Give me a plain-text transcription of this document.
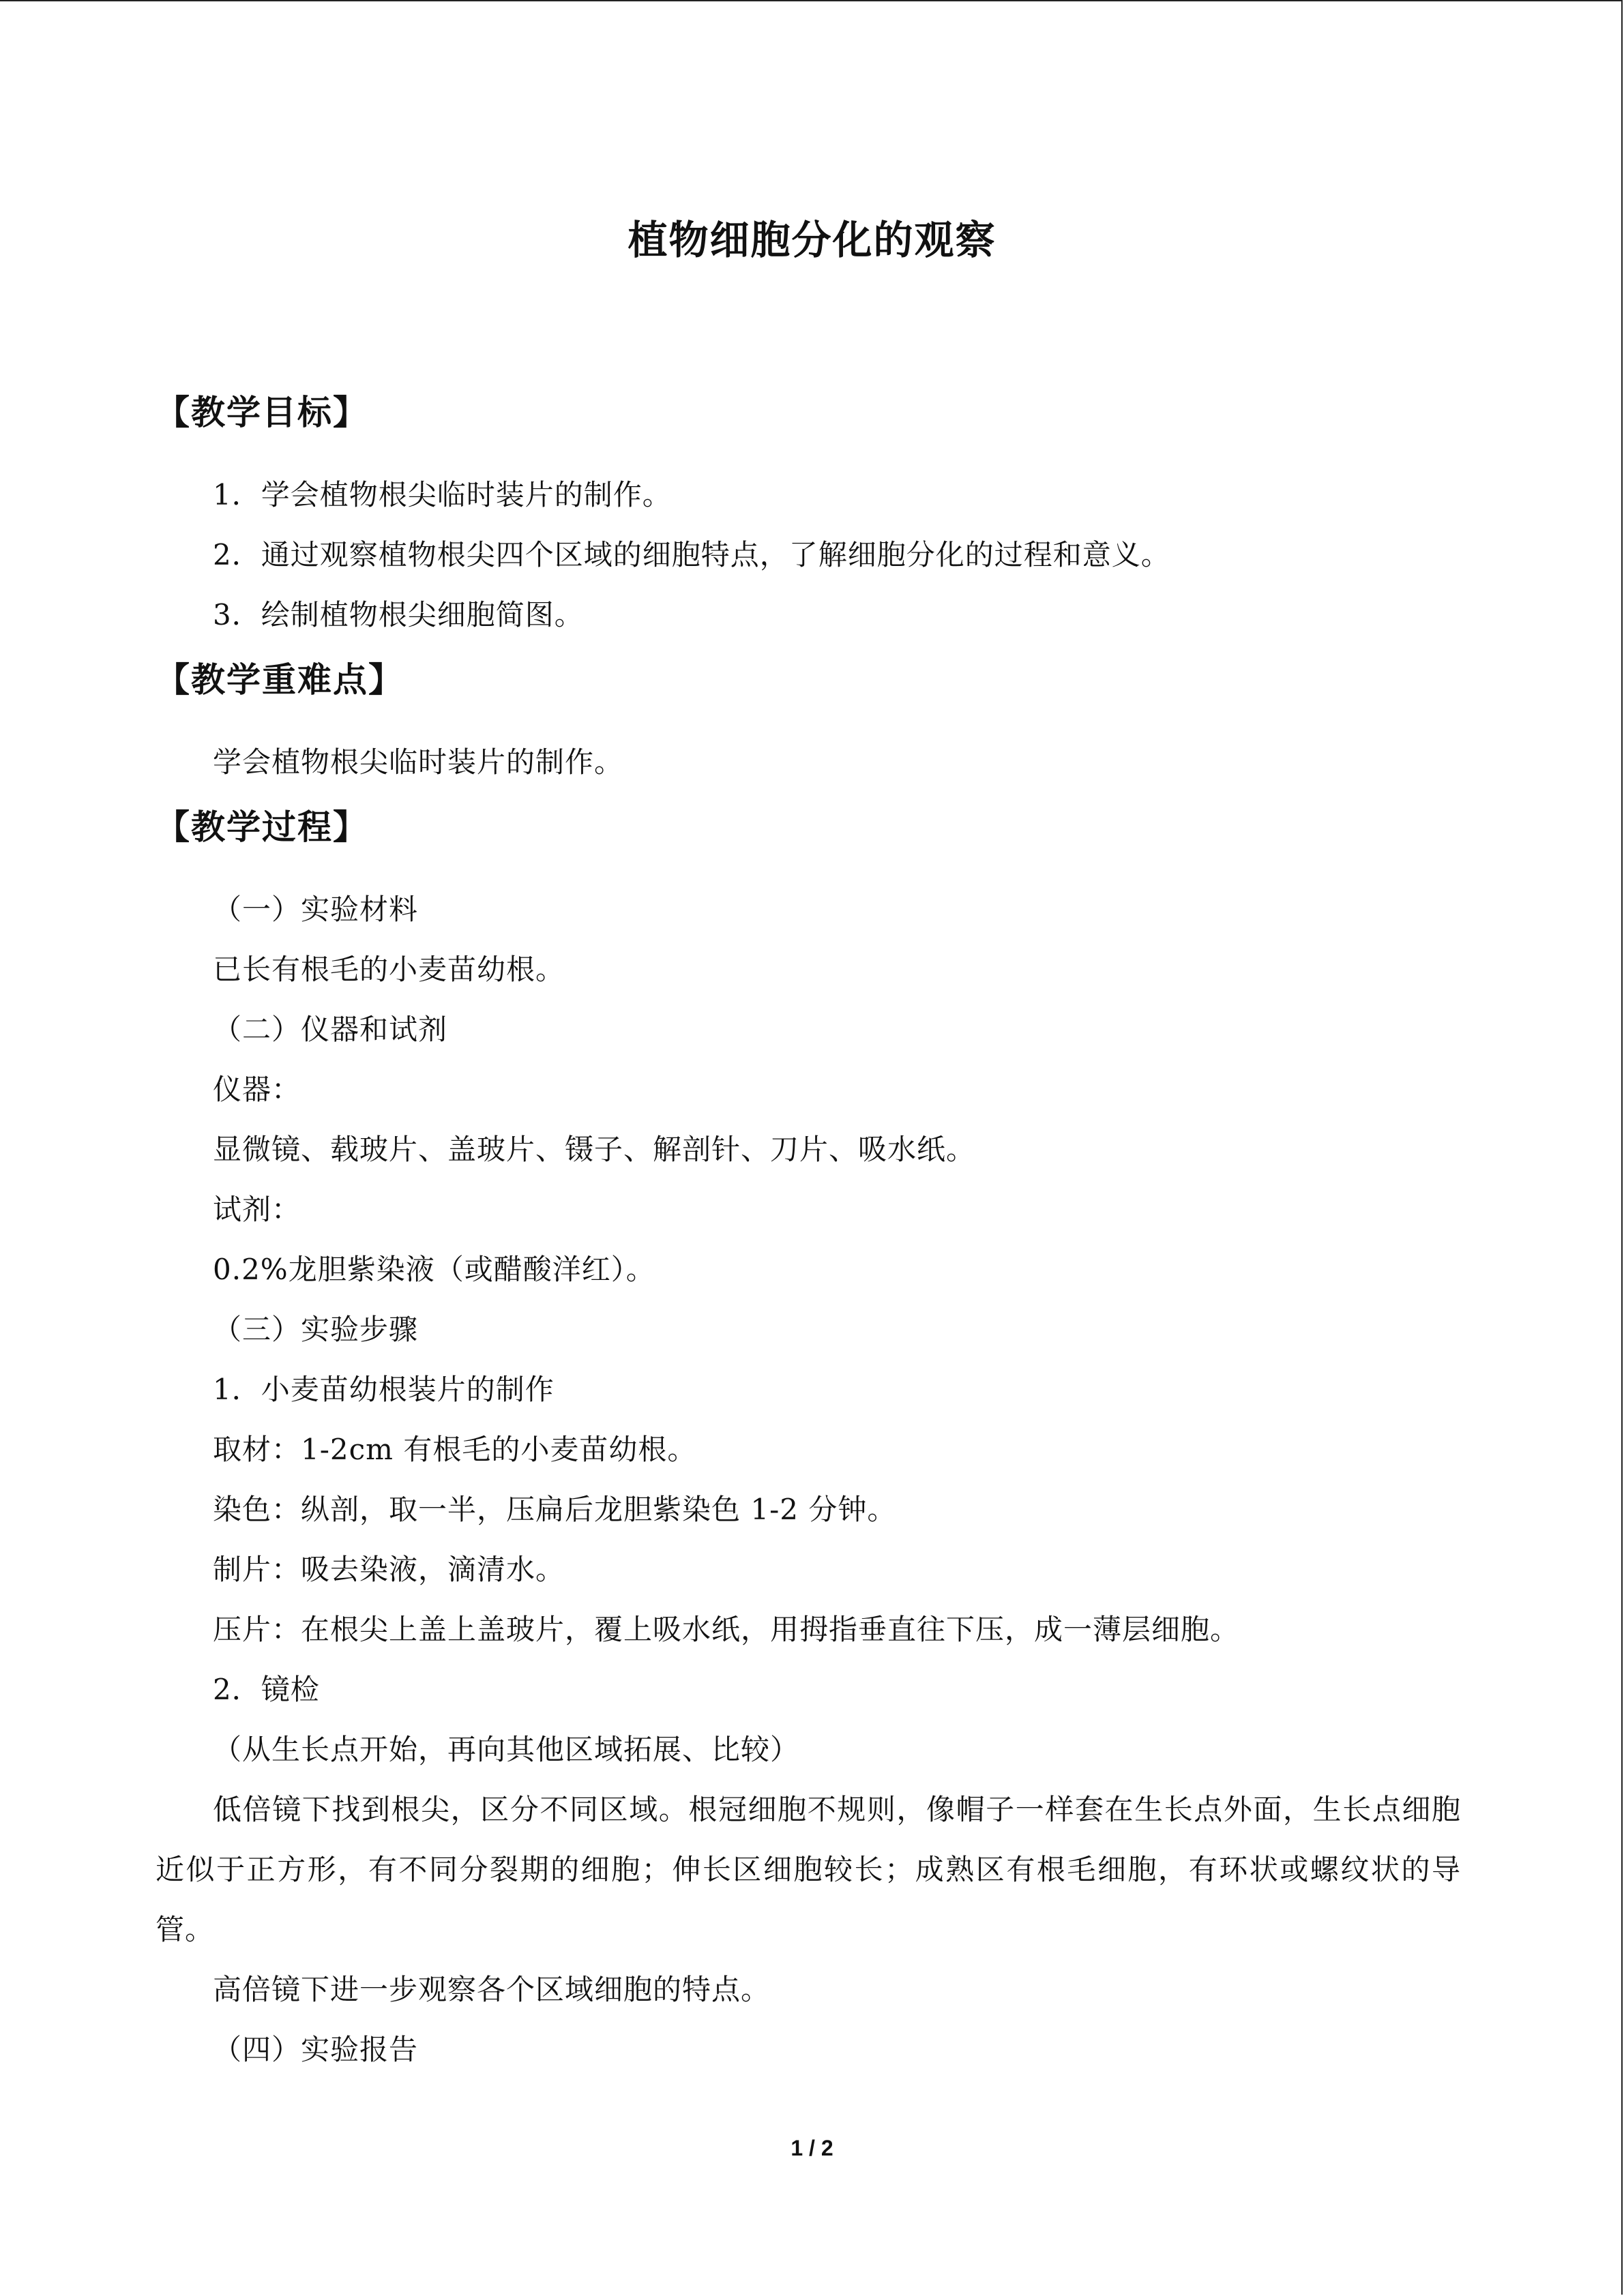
植物细胞分化的观察
【教学目标】
1．学会植物根尖临时装片的制作。
2．通过观察植物根尖四个区域的细胞特点，了解细胞分化的过程和意义。
3．绘制植物根尖细胞简图。
【教学重难点】
学会植物根尖临时装片的制作。
【教学过程】
（一）实验材料
已长有根毛的小麦苗幼根。
（二）仪器和试剂
仪器：
显微镜、载玻片、盖玻片、镊子、解剖针、刀片、吸水纸。
试剂：
0.2%龙胆紫染液（或醋酸洋红）。
（三）实验步骤
1．小麦苗幼根装片的制作
取材：1-2cm 有根毛的小麦苗幼根。
染色：纵剖，取一半，压扁后龙胆紫染色 1-2 分钟。
制片：吸去染液，滴清水。
压片：在根尖上盖上盖玻片，覆上吸水纸，用拇指垂直往下压，成一薄层细胞。
2．镜检
（从生长点开始，再向其他区域拓展、比较）
低倍镜下找到根尖，区分不同区域。根冠细胞不规则，像帽子一样套在生长点外面，生长点细胞近似于正方形，有不同分裂期的细胞；伸长区细胞较长；成熟区有根毛细胞，有环状或螺纹状的导管。
高倍镜下进一步观察各个区域细胞的特点。
（四）实验报告
1 / 2
